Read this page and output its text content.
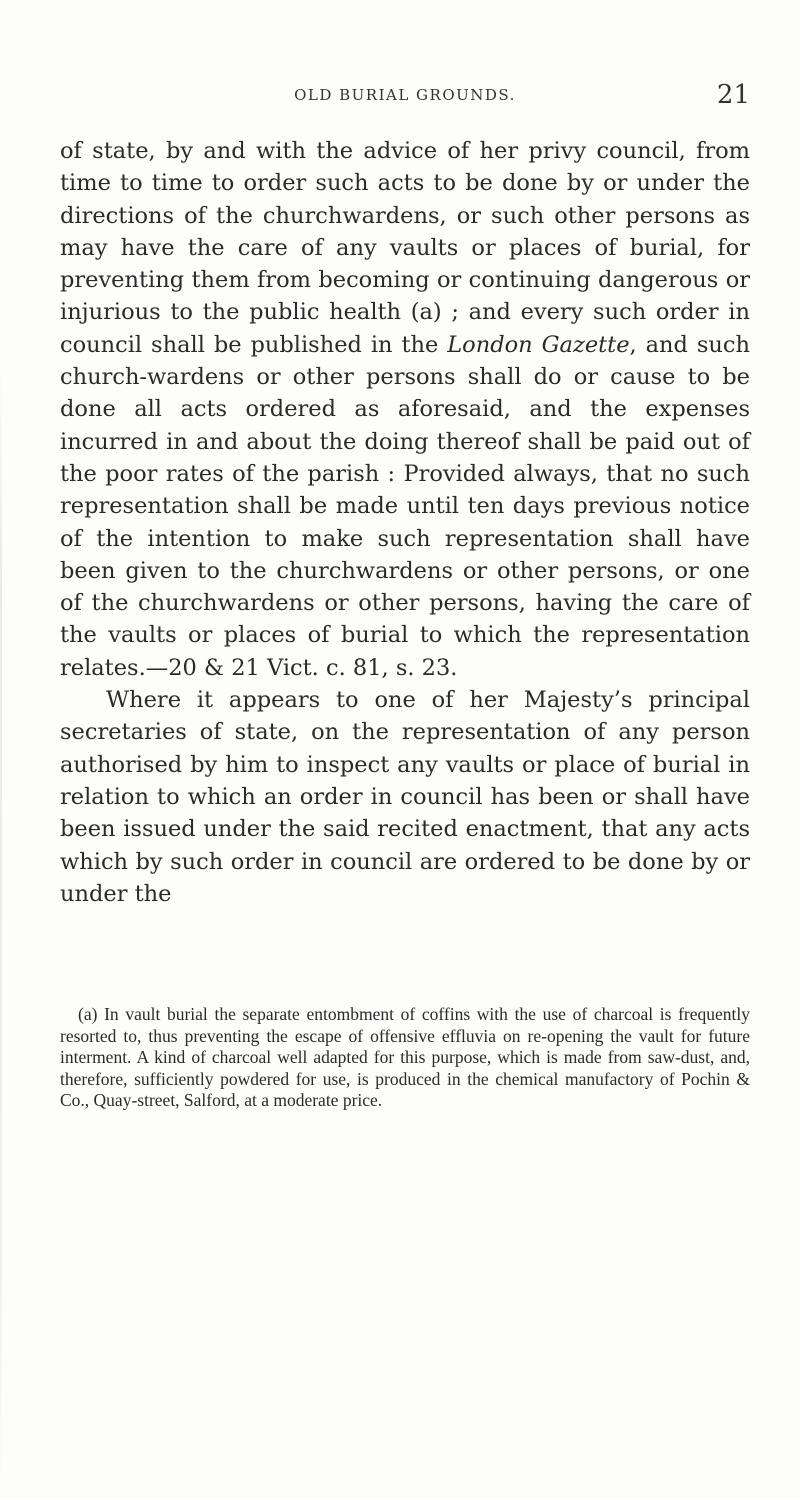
OLD BURIAL GROUNDS.	21

of state, by and with the advice of her privy council, from time to time to order such acts to be done by or under the directions of the churchwardens, or such other persons as may have the care of any vaults or places of burial, for preventing them from becoming or continuing dangerous or injurious to the public health (a) ; and every such order in council shall be published in the London Gazette, and such church-wardens or other persons shall do or cause to be done all acts ordered as aforesaid, and the expenses incurred in and about the doing thereof shall be paid out of the poor rates of the parish : Provided always, that no such representation shall be made until ten days previous notice of the intention to make such representation shall have been given to the churchwardens or other persons, or one of the churchwardens or other persons, having the care of the vaults or places of burial to which the representation relates.—20 & 21 Vict. c. 81, s. 23.

Where it appears to one of her Majesty’s principal secretaries of state, on the representation of any person authorised by him to inspect any vaults or place of burial in relation to which an order in council has been or shall have been issued under the said recited enactment, that any acts which by such order in council are ordered to be done by or under the

(a) In vault burial the separate entombment of coffins with the use of charcoal is frequently resorted to, thus preventing the escape of offensive effluvia on re-opening the vault for future interment. A kind of charcoal well adapted for this purpose, which is made from saw-dust, and, therefore, sufficiently powdered for use, is produced in the chemical manufactory of Pochin & Co., Quay-street, Salford, at a moderate price.
